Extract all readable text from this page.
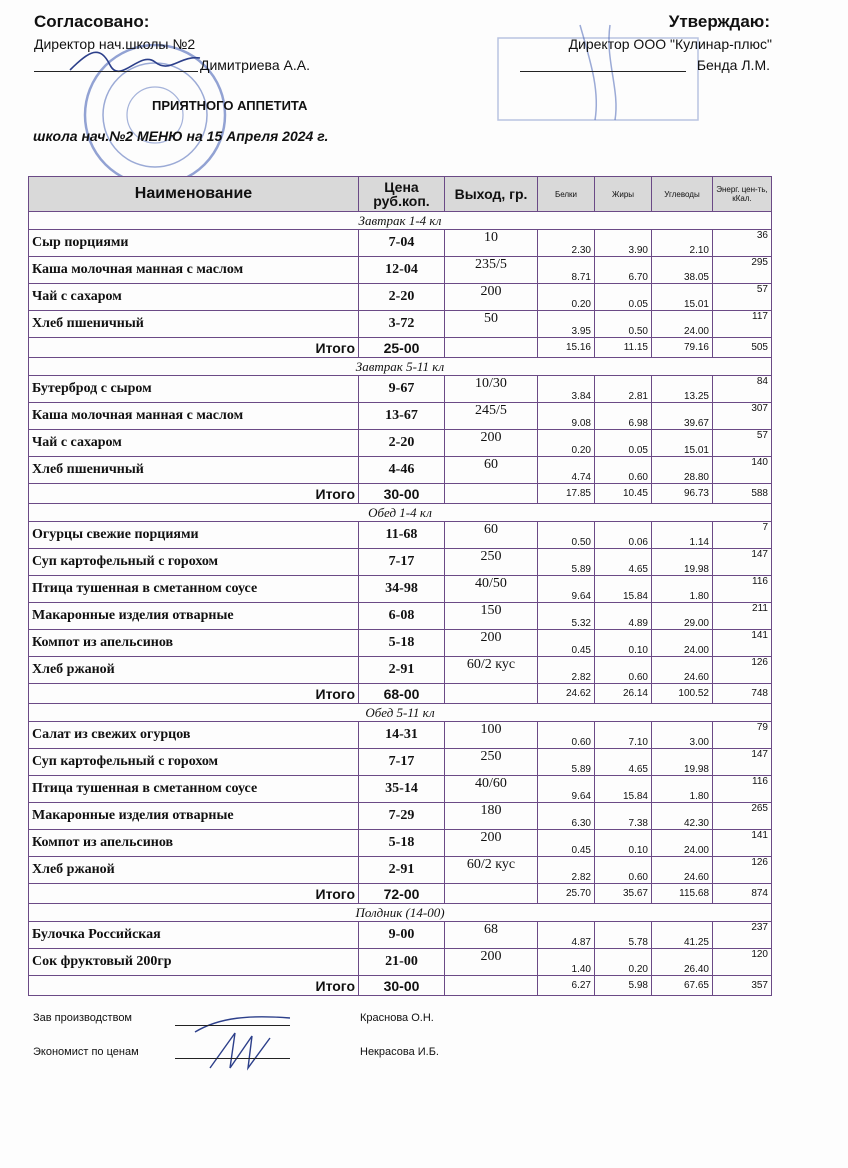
Согласовано:
Директор нач.школы №2
Димитриева А.А.
Утверждаю:
Директор ООО "Кулинар-плюс"
Бенда Л.М.
ПРИЯТНОГО АППЕТИТА
школа нач.№2 МЕНЮ на 15 Апреля 2024 г.
Наименование	Цена руб.коп.	Выход, гр.	Белки	Жиры	Углеводы	Энерг. цен-ть, кКал.
Завтрак 1-4 кл						
Сыр порциями	7-04	10	2.30	3.90	2.10	36
Каша молочная манная с маслом	12-04	235/5	8.71	6.70	38.05	295
Чай с сахаром	2-20	200	0.20	0.05	15.01	57
Хлеб пшеничный	3-72	50	3.95	0.50	24.00	117
Итого	25-00		15.16	11.15	79.16	505
Завтрак 5-11 кл						
Бутерброд с сыром	9-67	10/30	3.84	2.81	13.25	84
Каша молочная манная с маслом	13-67	245/5	9.08	6.98	39.67	307
Чай с сахаром	2-20	200	0.20	0.05	15.01	57
Хлеб пшеничный	4-46	60	4.74	0.60	28.80	140
Итого	30-00		17.85	10.45	96.73	588
Обед 1-4 кл						
Огурцы свежие порциями	11-68	60	0.50	0.06	1.14	7
Суп картофельный с горохом	7-17	250	5.89	4.65	19.98	147
Птица тушенная в сметанном соусе	34-98	40/50	9.64	15.84	1.80	116
Макаронные изделия отварные	6-08	150	5.32	4.89	29.00	211
Компот из апельсинов	5-18	200	0.45	0.10	24.00	141
Хлеб ржаной	2-91	60/2 кус	2.82	0.60	24.60	126
Итого	68-00		24.62	26.14	100.52	748
Обед 5-11 кл						
Салат из свежих огурцов	14-31	100	0.60	7.10	3.00	79
Суп картофельный с горохом	7-17	250	5.89	4.65	19.98	147
Птица тушенная в сметанном соусе	35-14	40/60	9.64	15.84	1.80	116
Макаронные изделия отварные	7-29	180	6.30	7.38	42.30	265
Компот из апельсинов	5-18	200	0.45	0.10	24.00	141
Хлеб ржаной	2-91	60/2 кус	2.82	0.60	24.60	126
Итого	72-00		25.70	35.67	115.68	874
Полдник (14-00)						
Булочка Российская	9-00	68	4.87	5.78	41.25	237
Сок фруктовый 200гр	21-00	200	1.40	0.20	26.40	120
Итого	30-00		6.27	5.98	67.65	357
Зав производством	Краснова О.Н.
Экономист по ценам	Некрасова И.Б.
